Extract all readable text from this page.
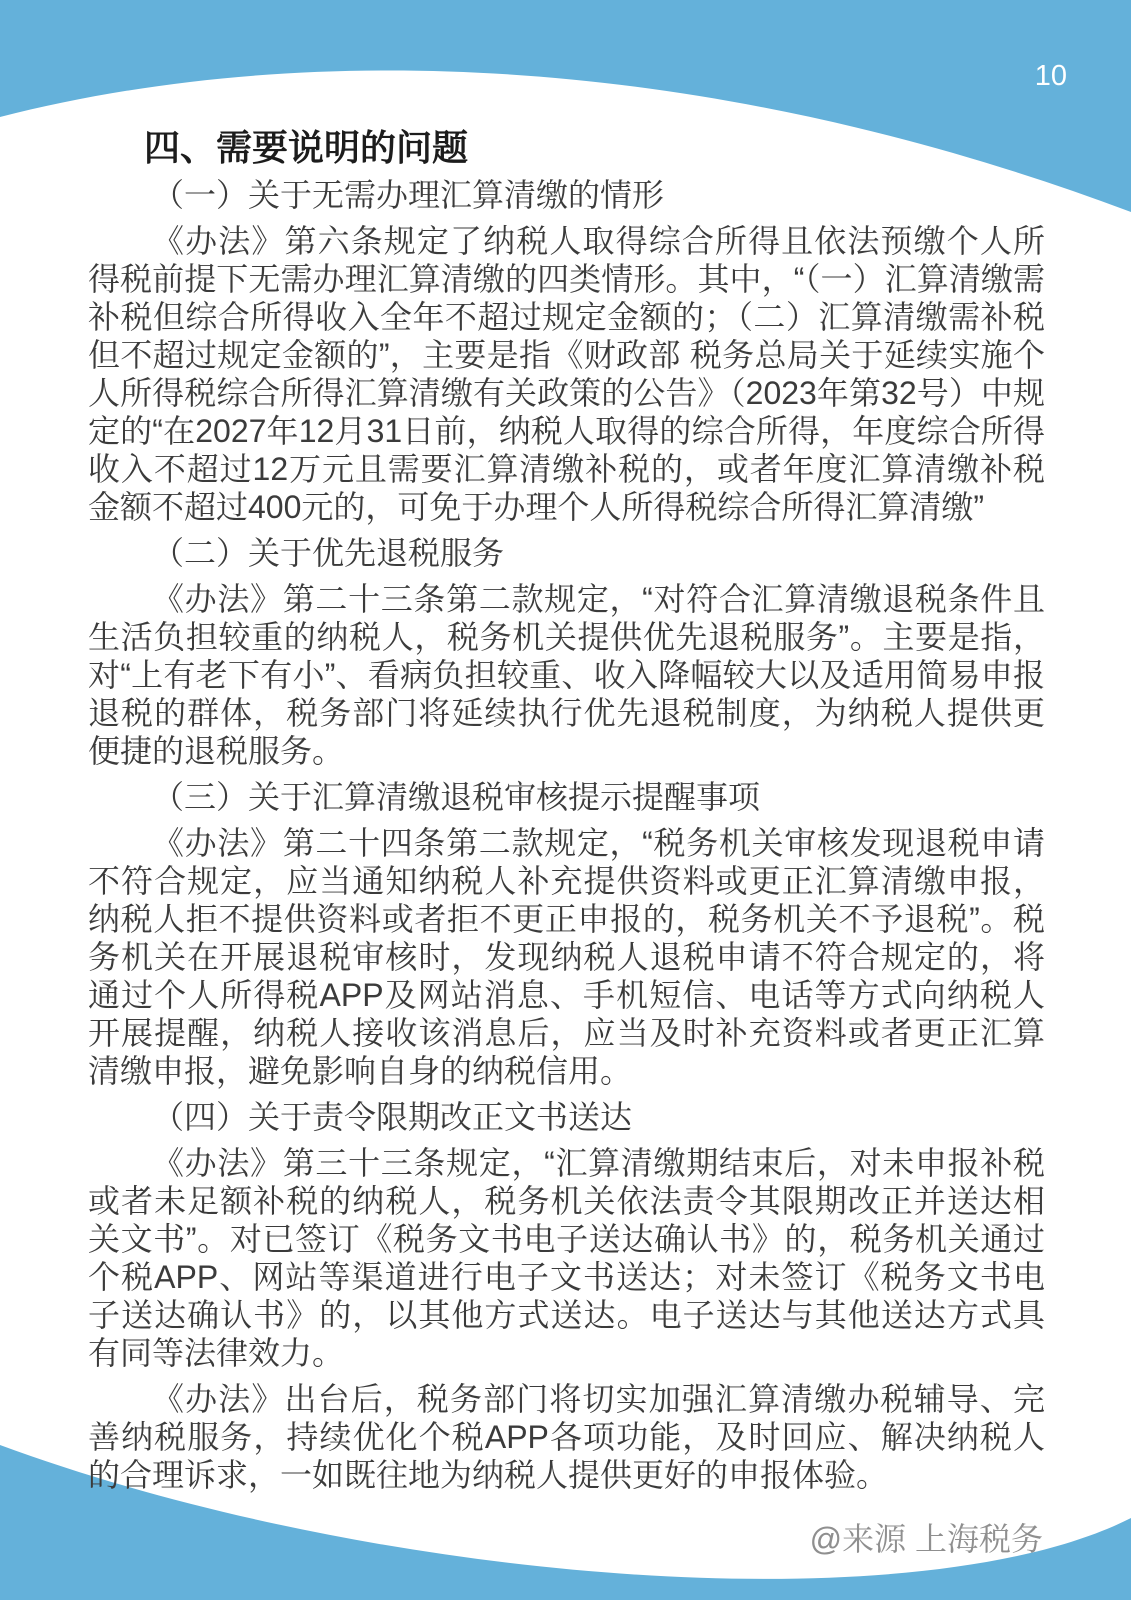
10
四、需要说明的问题
（一）关于无需办理汇算清缴的情形

《办法》第六条规定了纳税人取得综合所得且依法预缴个人所得税前提下无需办理汇算清缴的四类情形。其中，“（一）汇算清缴需补税但综合所得收入全年不超过规定金额的；（二）汇算清缴需补税但不超过规定金额的”，主要是指《财政部 税务总局关于延续实施个人所得税综合所得汇算清缴有关政策的公告》（2023年第32号）中规定的“在2027年12月31日前，纳税人取得的综合所得，年度综合所得收入不超过12万元且需要汇算清缴补税的，或者年度汇算清缴补税金额不超过400元的，可免于办理个人所得税综合所得汇算清缴”

（二）关于优先退税服务

《办法》第二十三条第二款规定，“对符合汇算清缴退税条件且生活负担较重的纳税人，税务机关提供优先退税服务”。主要是指，对“上有老下有小”、看病负担较重、收入降幅较大以及适用简易申报退税的群体，税务部门将延续执行优先退税制度，为纳税人提供更便捷的退税服务。

（三）关于汇算清缴退税审核提示提醒事项

《办法》第二十四条第二款规定，“税务机关审核发现退税申请不符合规定，应当通知纳税人补充提供资料或更正汇算清缴申报，纳税人拒不提供资料或者拒不更正申报的，税务机关不予退税”。税务机关在开展退税审核时，发现纳税人退税申请不符合规定的，将通过个人所得税APP及网站消息、手机短信、电话等方式向纳税人开展提醒，纳税人接收该消息后，应当及时补充资料或者更正汇算清缴申报，避免影响自身的纳税信用。

（四）关于责令限期改正文书送达

《办法》第三十三条规定，“汇算清缴期结束后，对未申报补税或者未足额补税的纳税人，税务机关依法责令其限期改正并送达相关文书”。对已签订《税务文书电子送达确认书》的，税务机关通过个税APP、网站等渠道进行电子文书送达；对未签订《税务文书电子送达确认书》的，以其他方式送达。电子送达与其他送达方式具有同等法律效力。

《办法》出台后，税务部门将切实加强汇算清缴办税辅导、完善纳税服务，持续优化个税APP各项功能，及时回应、解决纳税人的合理诉求，一如既往地为纳税人提供更好的申报体验。

@来源 上海税务
